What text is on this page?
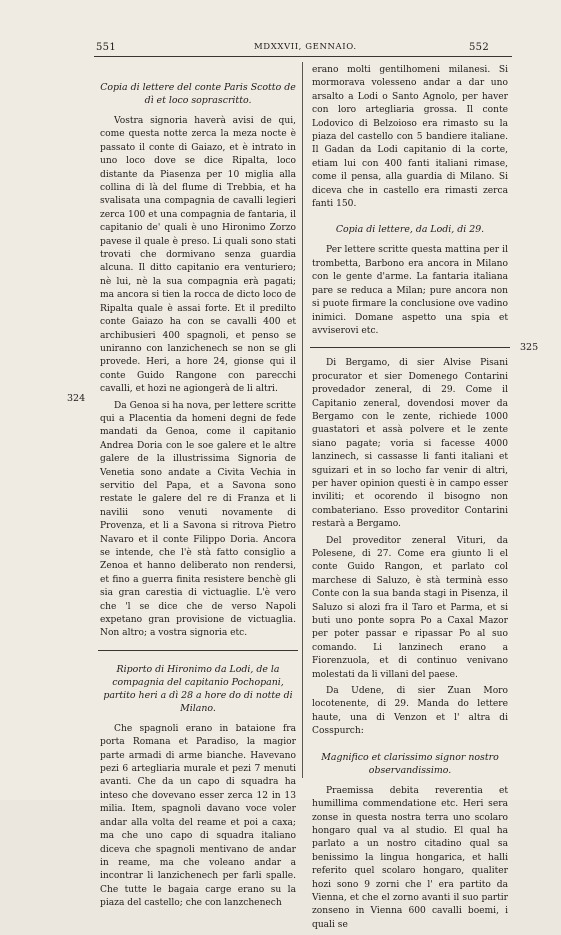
551	MDXXVII, GENNAIO.	552
324
325

Copia di lettere del conte Paris Scotto de dì et loco soprascritto.

Vostra signoria haverà avisi de qui, come questa notte zerca la meza nocte è passato il conte di Gaiazo, et è intrato in uno loco dove se dice Ripalta, loco distante da Piasenza per 10 miglia alla collina di là del flume di Trebbia, et ha svalisata una compagnia de cavalli legieri zerca 100 et una compagnia de fantaria, il capitanio de' quali è uno Hironimo Zorzo pavese il quale è preso. Li quali sono stati trovati che dormivano senza guardia alcuna. Il ditto capitanio era venturiero; nè lui, nè la sua compagnia erà pagati; ma ancora si tien la rocca de dicto loco de Ripalta quale è assai forte. Et il predilto conte Gaiazo ha con se cavalli 400 et archibusieri 400 spagnoli, et penso se uniranno con lanzichenech se non se gli provede. Heri, a hore 24, gionse qui il conte Guido Rangone con parecchi cavalli, et hozi ne agiongerà de li altri.

Da Genoa si ha nova, per lettere scritte qui a Placentia da homeni degni de fede mandati da Genoa, come il capitanio Andrea Doria con le soe galere et le altre galere de la illustrissima Signoria de Venetia sono andate a Civita Vechia in servitio del Papa, et a Savona sono restate le galere del re di Franza et li navilii sono venuti novamente di Provenza, et li a Savona si ritrova Pietro Navaro et il conte Filippo Doria. Ancora se intende, che l'è stà fatto consiglio a Zenoa et hanno deliberato non rendersi, et fino a guerra finita resistere benchè gli sia gran carestia di victuaglie. L'è vero che 'l se dice che de verso Napoli expetano gran provisione de victuaglia. Non altro; a vostra signoria etc.

Riporto di Hironimo da Lodi, de la compagnia del capitanio Pochopani, partito heri a dì 28 a hore do di notte di Milano.

Che spagnoli erano in bataione fra porta Romana et Paradiso, la magior parte armadi di arme bianche. Havevano pezi 6 artegliaria murale et pezi 7 menuti avanti. Che da un capo di squadra ha inteso che dovevano esser zerca 12 in 13 milia. Item, spagnoli davano voce voler andar alla volta del reame et poi a caxa; ma che uno capo di squadra italiano diceva che spagnoli mentivano de andar in reame, ma che voleano andar a incontrar li lanzichenech per farli spalle. Che tutte le bagaia carge erano su la piaza del castello; che con lanzchenech

erano molti gentilhomeni milanesi. Si mormorava volesseno andar a dar uno arsalto a Lodi o Santo Agnolo, per haver con loro artegliaria grossa. Il conte Lodovico di Belzoioso era rimasto su la piaza del castello con 5 bandiere italiane. Il Gadan da Lodi capitanio di la corte, etiam lui con 400 fanti italiani rimase, come il pensa, alla guardia di Milano. Si diceva che in castello era rimasti zerca fanti 150.

Copia di lettere, da Lodi, di 29.

Per lettere scritte questa mattina per il trombetta, Barbono era ancora in Milano con le gente d'arme. La fantaria italiana pare se reduca a Milan; pure ancora non si puote firmare la conclusione ove vadino inimici. Domane aspetto una spia et avviserovi etc.

Di Bergamo, di sier Alvise Pisani procurator et sier Domenego Contarini provedador zeneral, di 29. Come il Capitanio zeneral, dovendosi mover da Bergamo con le zente, richiede 1000 guastatori et assà polvere et le zente siano pagate; voria si facesse 4000 lanzinech, si cassasse li fanti italiani et sguizari et in so locho far venir di altri, per haver opinion questi è in campo esser inviliti; et ocorendo il bisogno non combateriano. Esso proveditor Contarini restarà a Bergamo.

Del proveditor zeneral Vituri, da Polesene, di 27. Come era giunto li el conte Guido Rangon, et parlato col marchese di Saluzo, è stà terminà esso Conte con la sua banda stagi in Pisenza, il Saluzo si alozi fra il Taro et Parma, et si buti uno ponte sopra Po a Caxal Mazor per poter passar e ripassar Po al suo comando. Li lanzinech erano a Fiorenzuola, et di continuo venivano molestati da li villani del paese.

Da Udene, di sier Zuan Moro locotenente, di 29. Manda do lettere haute, una di Venzon et l' altra di Cosspurch:

Magnifico et clarissimo signor nostro observandissimo.

Praemissa debita reverentia et humillima commendatione etc. Heri sera zonse in questa nostra terra uno scolaro hongaro qual va al studio. El qual ha parlato a un nostro citadino qual sa benissimo la lingua hongarica, et halli referito quel scolaro hongaro, qualiter hozi sono 9 zorni che l' era partito da Vienna, et che el zorno avanti il suo partir zonseno in Vienna 600 cavalli boemi, i quali se
